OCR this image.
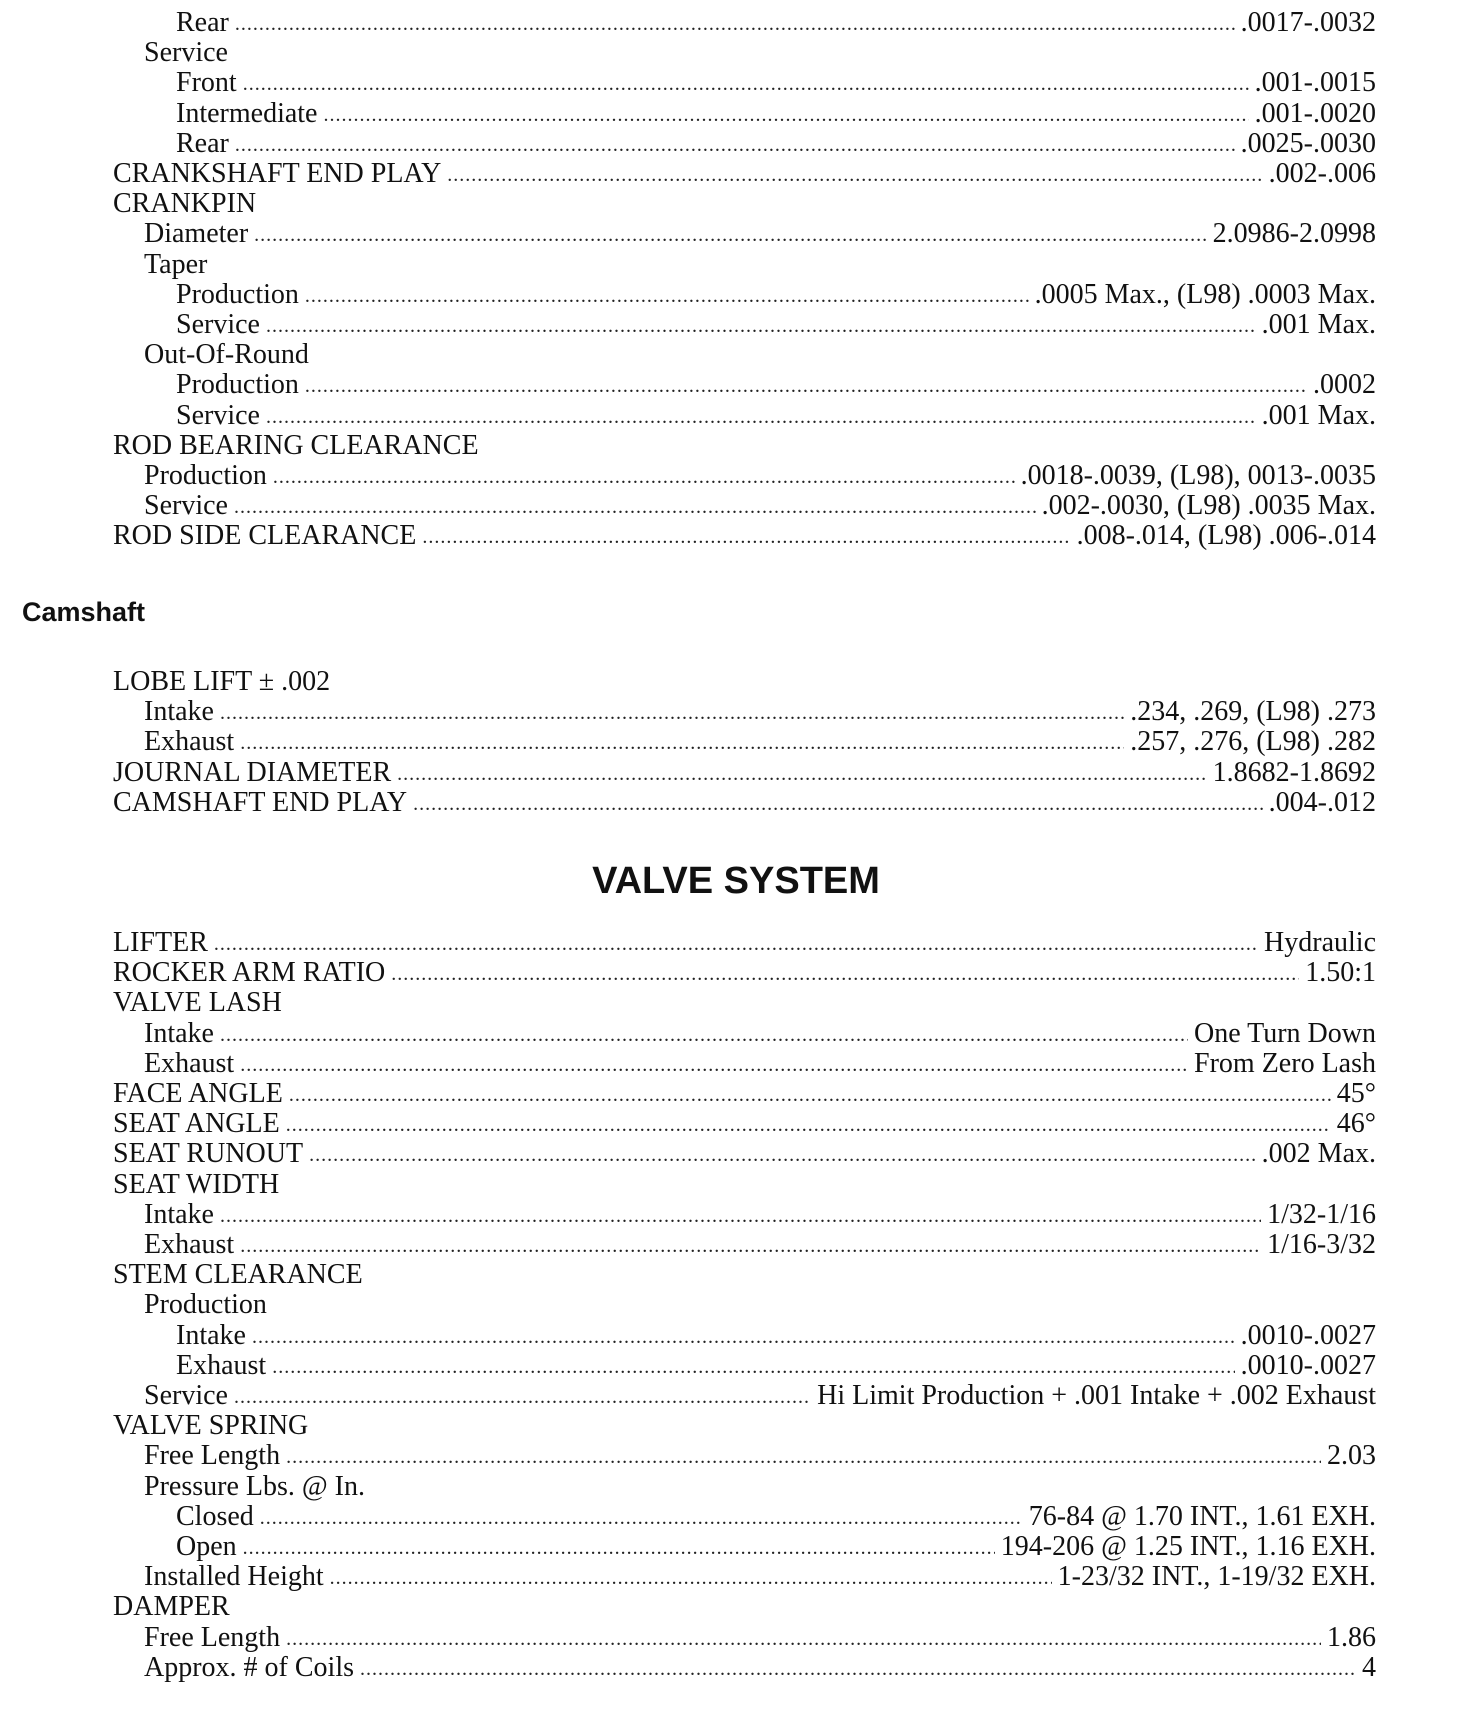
Rear .....	.0017-.0032
Service
Front .....	.001-.0015
Intermediate .....	.001-.0020
Rear .....	.0025-.0030
CRANKSHAFT END PLAY .....	.002-.006
CRANKPIN
Diameter .....	2.0986-2.0998
Taper
Production .....	.0005 Max., (L98) .0003 Max.
Service .....	.001 Max.
Out-Of-Round
Production .....	.0002
Service .....	.001 Max.
ROD BEARING CLEARANCE
Production .....	.0018-.0039, (L98), 0013-.0035
Service .....	.002-.0030, (L98) .0035 Max.
ROD SIDE CLEARANCE .....	.008-.014, (L98) .006-.014
Camshaft
LOBE LIFT ± .002
Intake .....	.234, .269, (L98) .273
Exhaust .....	.257, .276, (L98) .282
JOURNAL DIAMETER .....	1.8682-1.8692
CAMSHAFT END PLAY .....	.004-.012
VALVE SYSTEM
LIFTER .....	Hydraulic
ROCKER ARM RATIO .....	1.50:1
VALVE LASH
Intake .....	One Turn Down
Exhaust .....	From Zero Lash
FACE ANGLE .....	45°
SEAT ANGLE .....	46°
SEAT RUNOUT .....	.002 Max.
SEAT WIDTH
Intake .....	1/32-1/16
Exhaust .....	1/16-3/32
STEM CLEARANCE
Production
Intake .....	.0010-.0027
Exhaust .....	.0010-.0027
Service .....	Hi Limit Production + .001 Intake + .002 Exhaust
VALVE SPRING
Free Length .....	2.03
Pressure Lbs. @ In.
Closed .....	76-84 @ 1.70 INT., 1.61 EXH.
Open .....	194-206 @ 1.25 INT., 1.16 EXH.
Installed Height .....	1-23/32 INT., 1-19/32 EXH.
DAMPER
Free Length .....	1.86
Approx. # of Coils .....	4
